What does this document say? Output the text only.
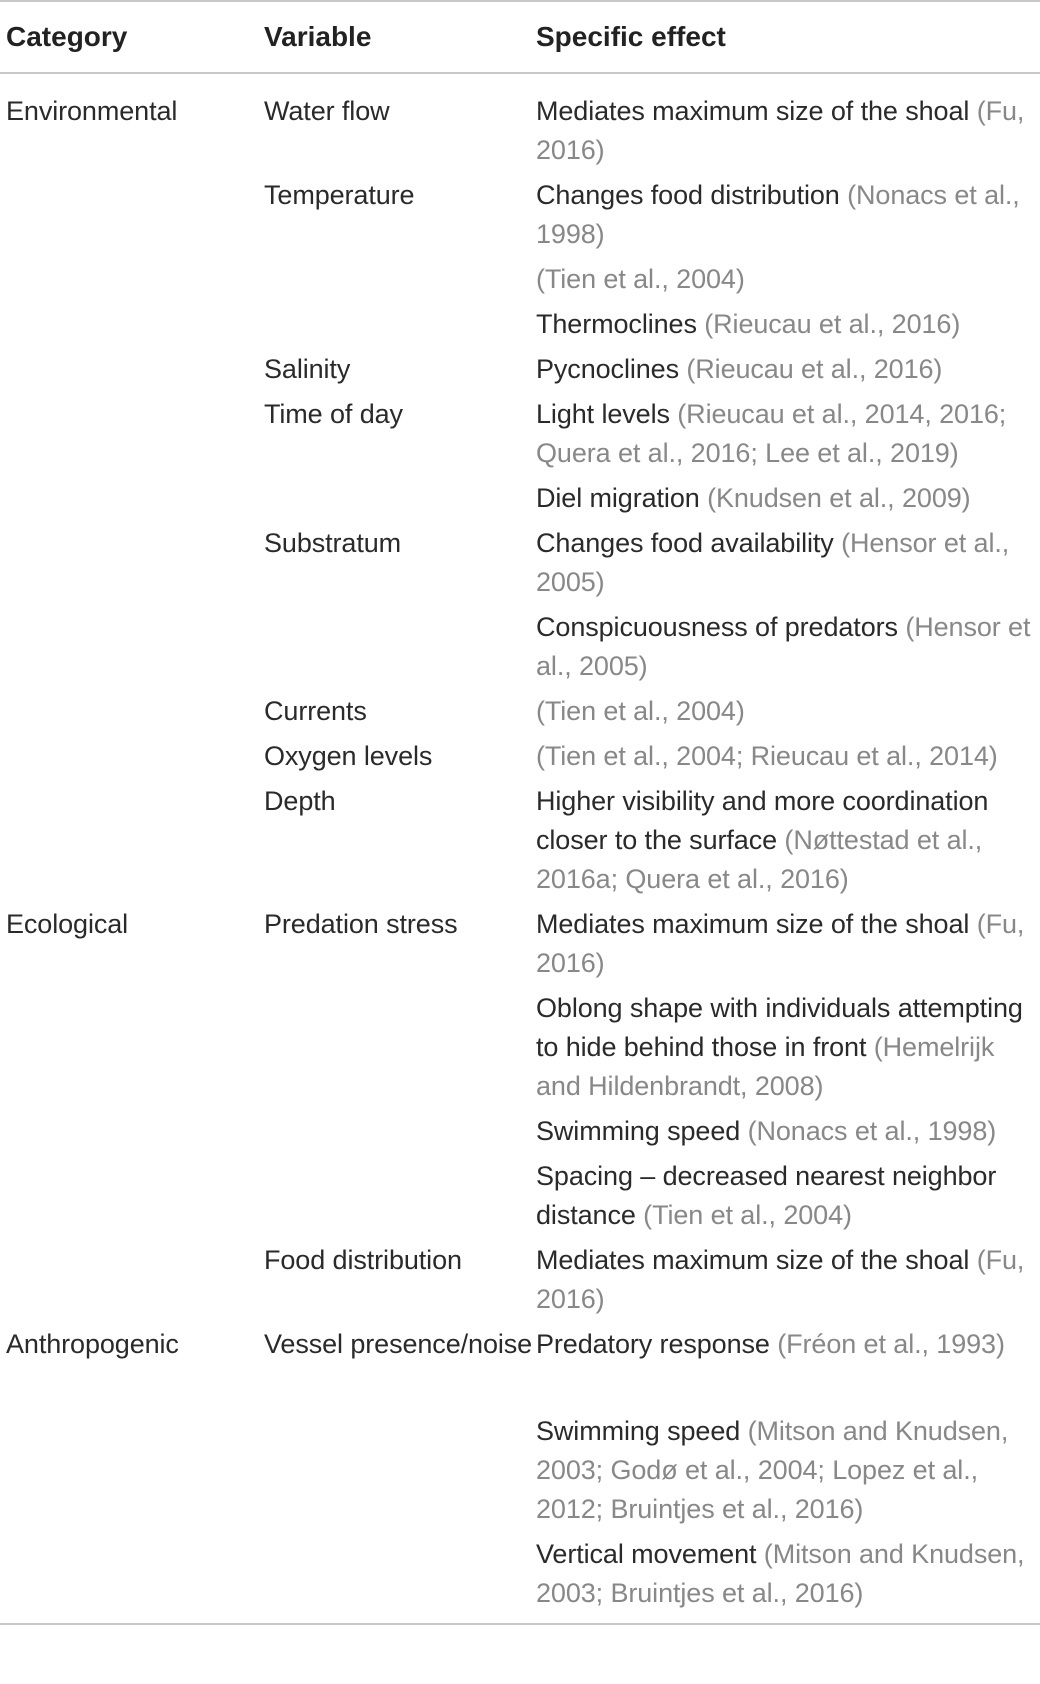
Category	Variable	Specific effect
Environmental	Water flow	Mediates maximum size of the shoal (Fu, 2016)
	Temperature	Changes food distribution (Nonacs et al., 1998)
		(Tien et al., 2004)
		Thermoclines (Rieucau et al., 2016)
	Salinity	Pycnoclines (Rieucau et al., 2016)
	Time of day	Light levels (Rieucau et al., 2014, 2016; Quera et al., 2016; Lee et al., 2019)
		Diel migration (Knudsen et al., 2009)
	Substratum	Changes food availability (Hensor et al., 2005)
		Conspicuousness of predators (Hensor et al., 2005)
	Currents	(Tien et al., 2004)
	Oxygen levels	(Tien et al., 2004; Rieucau et al., 2014)
	Depth	Higher visibility and more coordination closer to the surface (Nøttestad et al., 2016a; Quera et al., 2016)
Ecological	Predation stress	Mediates maximum size of the shoal (Fu, 2016)
		Oblong shape with individuals attempting to hide behind those in front (Hemelrijk and Hildenbrandt, 2008)
		Swimming speed (Nonacs et al., 1998)
		Spacing – decreased nearest neighbor distance (Tien et al., 2004)
	Food distribution	Mediates maximum size of the shoal (Fu, 2016)
Anthropogenic	Vessel presence/noise	Predatory response (Fréon et al., 1993)
		Swimming speed (Mitson and Knudsen, 2003; Godø et al., 2004; Lopez et al., 2012; Bruintjes et al., 2016)
		Vertical movement (Mitson and Knudsen, 2003; Bruintjes et al., 2016)
